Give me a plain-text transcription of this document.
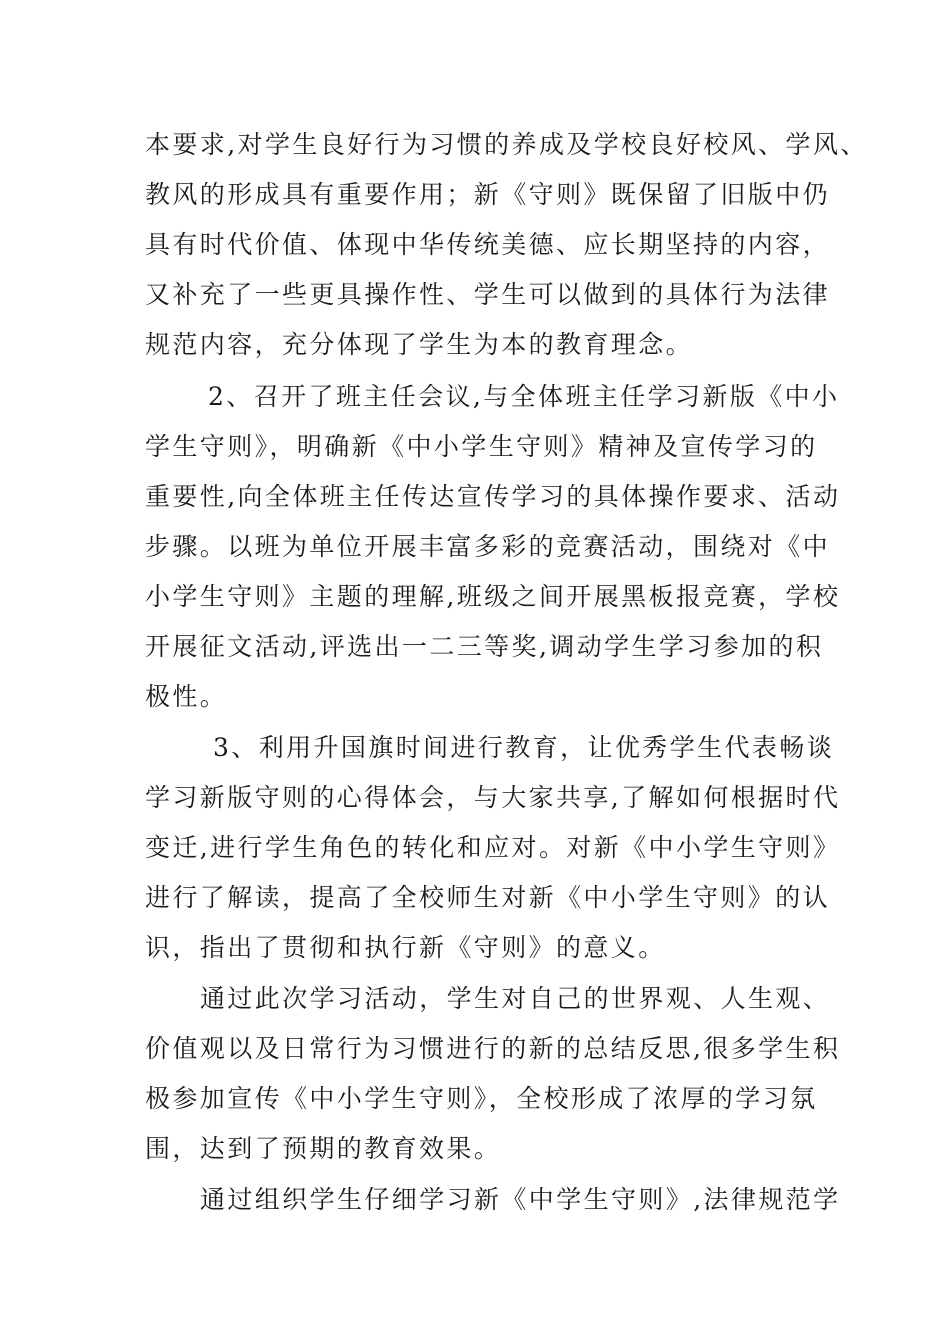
本要求,对学生良好行为习惯的养成及学校良好校风、学风、
教风的形成具有重要作用；新《守则》既保留了旧版中仍
具有时代价值、体现中华传统美德、应长期坚持的内容，
又补充了一些更具操作性、学生可以做到的具体行为法律
规范内容，充分体现了学生为本的教育理念。
2、召开了班主任会议,与全体班主任学习新版《中小
学生守则》，明确新《中小学生守则》精神及宣传学习的
重要性,向全体班主任传达宣传学习的具体操作要求、活动
步骤。以班为单位开展丰富多彩的竞赛活动，围绕对《中
小学生守则》主题的理解,班级之间开展黑板报竞赛，学校
开展征文活动,评选出一二三等奖,调动学生学习参加的积
极性。
3、利用升国旗时间进行教育，让优秀学生代表畅谈
学习新版守则的心得体会，与大家共享,了解如何根据时代
变迁,进行学生角色的转化和应对。对新《中小学生守则》
进行了解读，提高了全校师生对新《中小学生守则》的认
识，指出了贯彻和执行新《守则》的意义。
通过此次学习活动，学生对自己的世界观、人生观、
价值观以及日常行为习惯进行的新的总结反思,很多学生积
极参加宣传《中小学生守则》，全校形成了浓厚的学习氛
围，达到了预期的教育效果。
通过组织学生仔细学习新《中学生守则》,法律规范学
